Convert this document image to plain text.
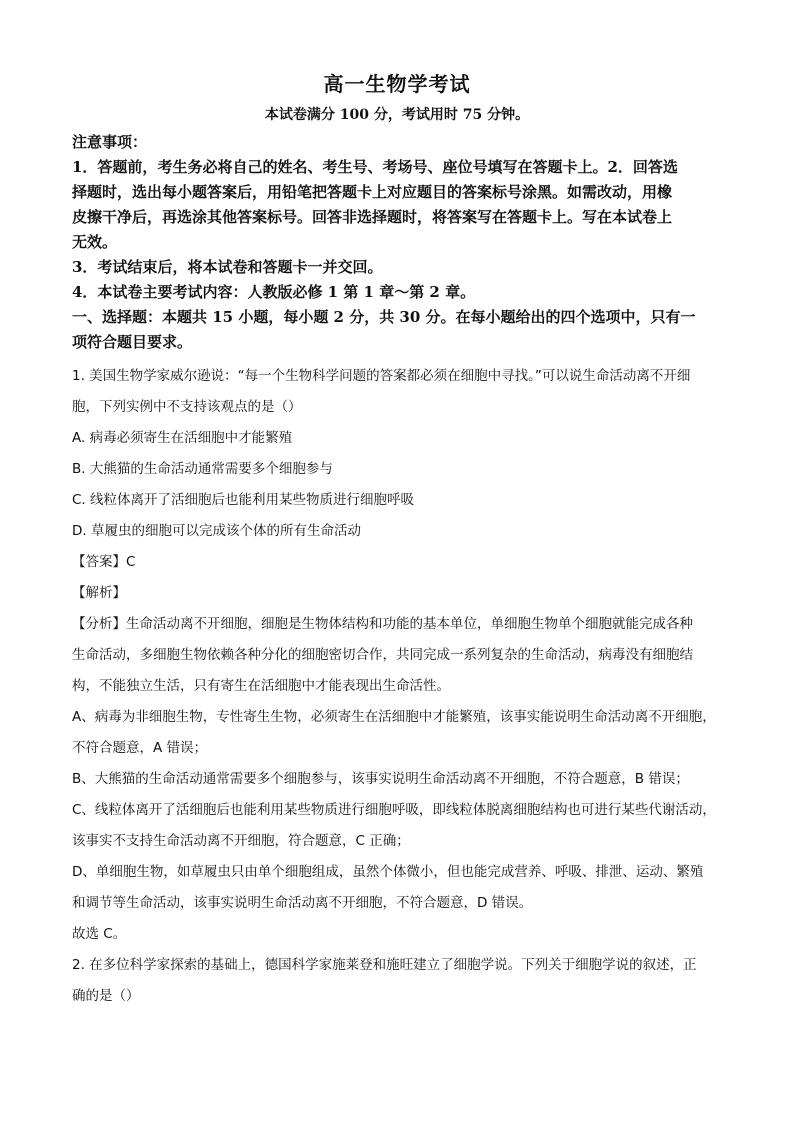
高一生物学考试
本试卷满分 100 分，考试用时 75 分钟。

注意事项：

1．答题前，考生务必将自己的姓名、考生号、考场号、座位号填写在答题卡上。2．回答选

择题时，选出每小题答案后，用铅笔把答题卡上对应题目的答案标号涂黑。如需改动，用橡

皮擦干净后，再选涂其他答案标号。回答非选择题时，将答案写在答题卡上。写在本试卷上

无效。

3．考试结束后，将本试卷和答题卡一并交回。

4．本试卷主要考试内容：人教版必修 1 第 1 章～第 2 章。

一、选择题：本题共 15 小题，每小题 2 分，共 30 分。在每小题给出的四个选项中，只有一

项符合题目要求。

1. 美国生物学家威尔逊说：“每一个生物科学问题的答案都必须在细胞中寻找。”可以说生命活动离不开细

胞，下列实例中不支持该观点的是（）

A. 病毒必须寄生在活细胞中才能繁殖

B. 大熊猫的生命活动通常需要多个细胞参与

C. 线粒体离开了活细胞后也能利用某些物质进行细胞呼吸

D. 草履虫的细胞可以完成该个体的所有生命活动

【答案】C

【解析】

【分析】生命活动离不开细胞，细胞是生物体结构和功能的基本单位，单细胞生物单个细胞就能完成各种

生命活动，多细胞生物依赖各种分化的细胞密切合作，共同完成一系列复杂的生命活动，病毒没有细胞结

构，不能独立生活，只有寄生在活细胞中才能表现出生命活性。

A、病毒为非细胞生物，专性寄生生物，必须寄生在活细胞中才能繁殖，该事实能说明生命活动离不开细胞，

不符合题意，A 错误；

B、大熊猫的生命活动通常需要多个细胞参与，该事实说明生命活动离不开细胞，不符合题意，B 错误；

C、线粒体离开了活细胞后也能利用某些物质进行细胞呼吸，即线粒体脱离细胞结构也可进行某些代谢活动，

该事实不支持生命活动离不开细胞，符合题意，C 正确；

D、单细胞生物，如草履虫只由单个细胞组成，虽然个体微小，但也能完成营养、呼吸、排泄、运动、繁殖

和调节等生命活动，该事实说明生命活动离不开细胞，不符合题意，D 错误。

故选 C。

2. 在多位科学家探索的基础上，德国科学家施莱登和施旺建立了细胞学说。下列关于细胞学说的叙述，正

确的是（）
